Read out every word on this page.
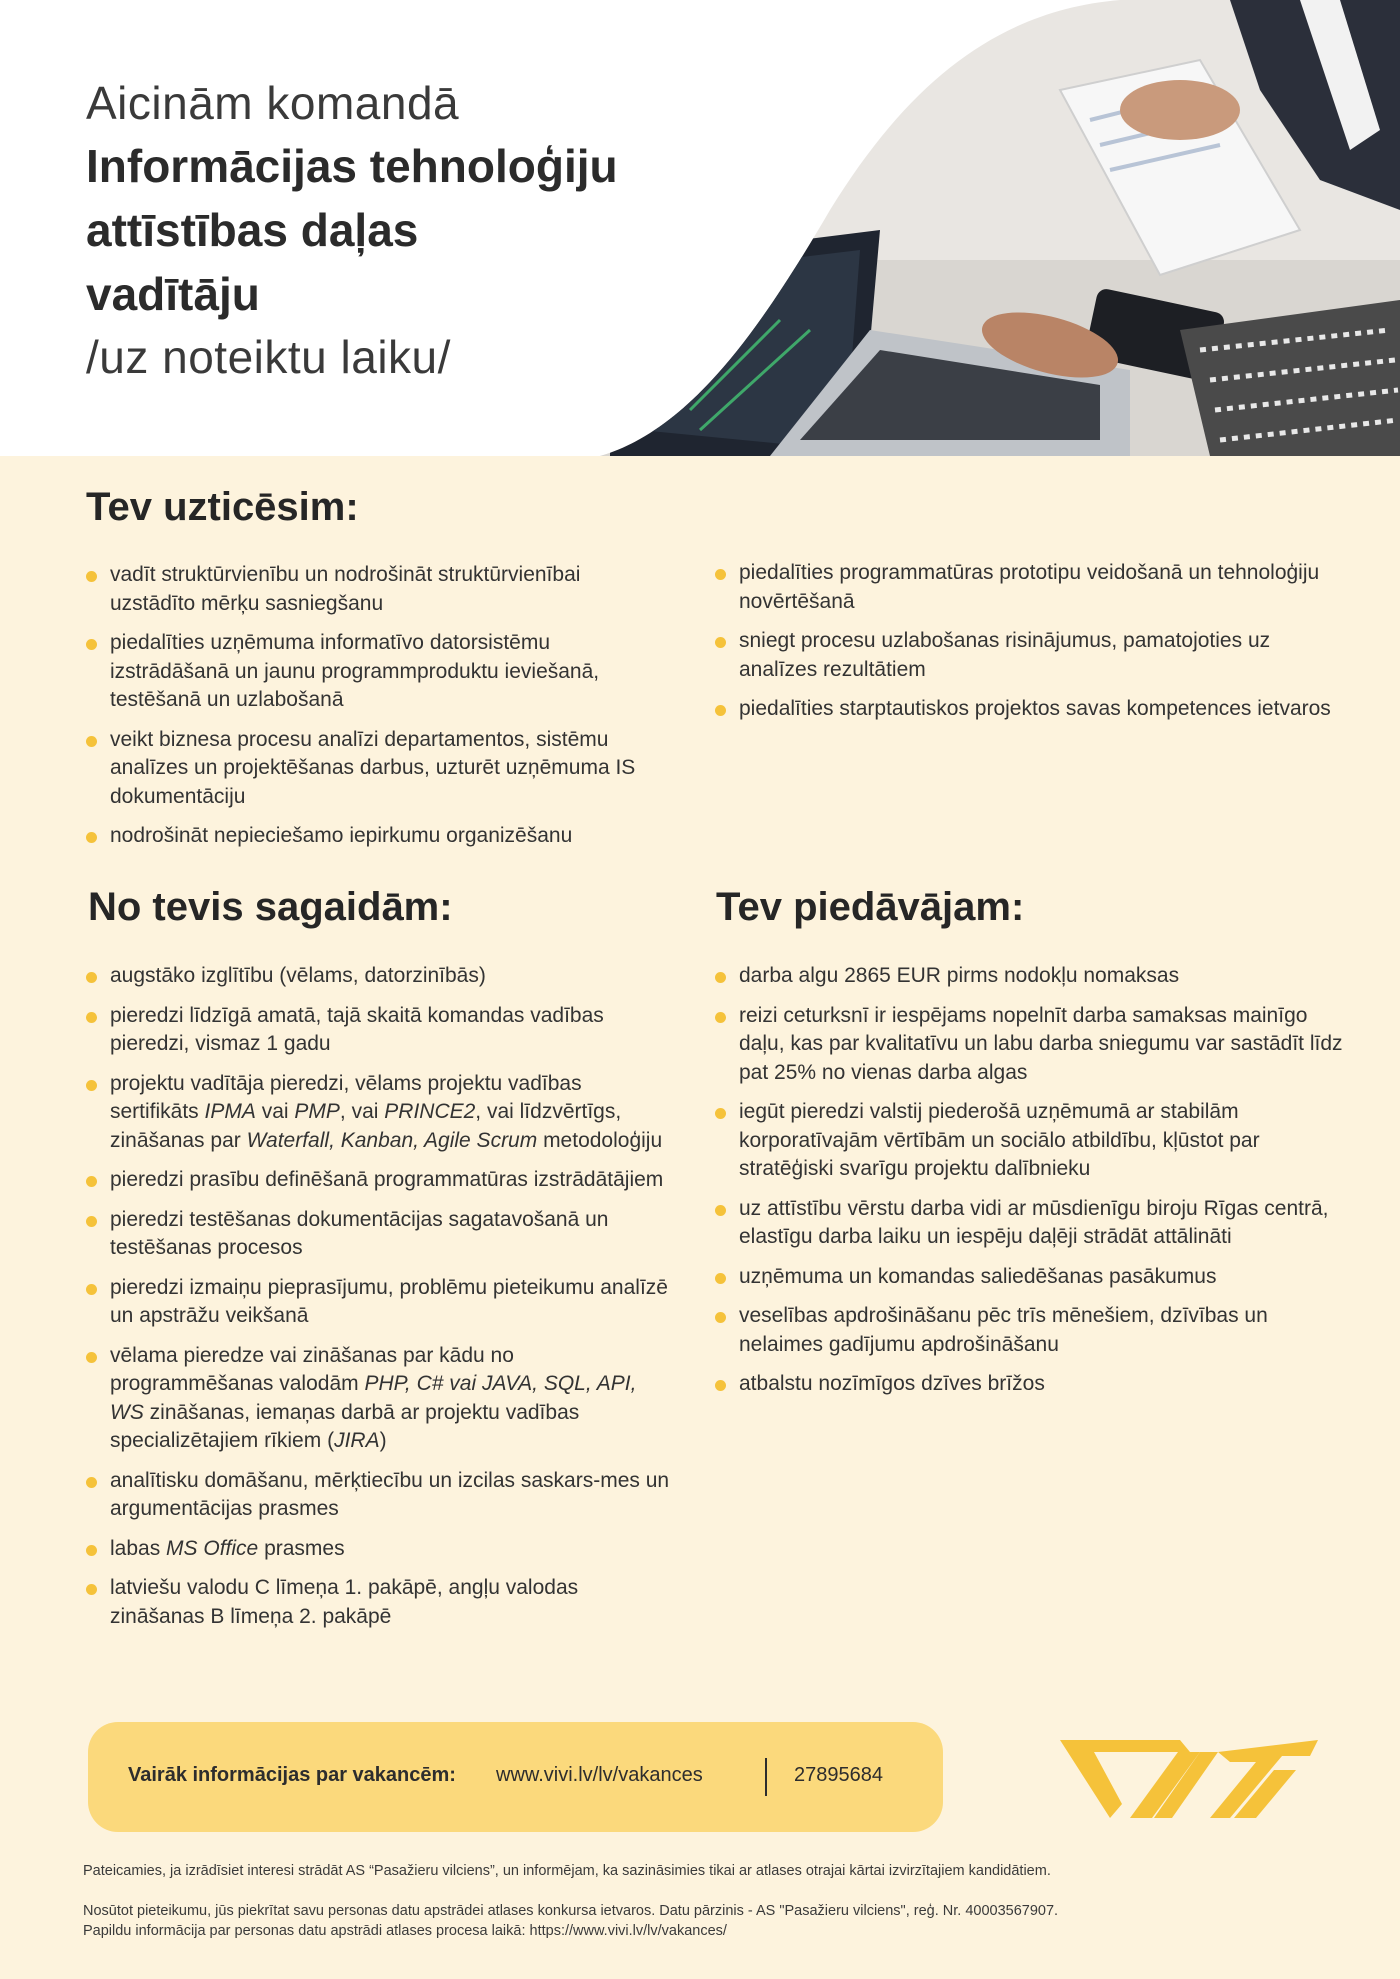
Aicinām komandā
Informācijas tehnoloģiju
attīstības daļas
vadītāju
/uz noteiktu laiku/
Tev uzticēsim:
vadīt struktūrvienību un nodrošināt struktūrvienībai uzstādīto mērķu sasniegšanu
piedalīties uzņēmuma informatīvo datorsistēmu izstrādāšanā un jaunu programmproduktu ieviešanā, testēšanā un uzlabošanā
veikt biznesa procesu analīzi departamentos, sistēmu analīzes un projektēšanas darbus, uzturēt uzņēmuma IS dokumentāciju
nodrošināt nepieciešamo iepirkumu organizēšanu
piedalīties programmatūras prototipu veidošanā un tehnoloģiju novērtēšanā
sniegt procesu uzlabošanas risinājumus, pamatojoties uz analīzes rezultātiem
piedalīties starptautiskos projektos savas kompetences ietvaros
No tevis sagaidām:
augstāko izglītību (vēlams, datorzinībās)
pieredzi līdzīgā amatā, tajā skaitā komandas vadības pieredzi, vismaz 1 gadu
projektu vadītāja pieredzi, vēlams projektu vadības sertifikāts IPMA vai PMP, vai PRINCE2, vai līdzvērtīgs, zināšanas par Waterfall, Kanban, Agile Scrum metodoloģiju
pieredzi prasību definēšanā programmatūras izstrādātājiem
pieredzi testēšanas dokumentācijas sagatavošanā un testēšanas procesos
pieredzi izmaiņu pieprasījumu, problēmu pieteikumu analīzē un apstrāžu veikšanā
vēlama pieredze vai zināšanas par kādu no programmēšanas valodām PHP, C# vai JAVA, SQL, API, WS zināšanas, iemaņas darbā ar projektu vadības specializētajiem rīkiem (JIRA)
analītisku domāšanu, mērķtiecību un izcilas saskars-mes un argumentācijas prasmes
labas MS Office prasmes
latviešu valodu C līmeņa 1. pakāpē, angļu valodas zināšanas B līmeņa 2. pakāpē
Tev piedāvājam:
darba algu 2865 EUR pirms nodokļu nomaksas
reizi ceturksnī ir iespējams nopelnīt darba samaksas mainīgo daļu, kas par kvalitatīvu un labu darba sniegumu var sastādīt līdz pat 25% no vienas darba algas
iegūt pieredzi valstij piederošā uzņēmumā ar stabilām korporatīvajām vērtībām un sociālo atbildību, kļūstot par stratēģiski svarīgu projektu dalībnieku
uz attīstību vērstu darba vidi ar mūsdienīgu biroju Rīgas centrā, elastīgu darba laiku un iespēju daļēji strādāt attālināti
uzņēmuma un komandas saliedēšanas pasākumus
veselības apdrošināšanu pēc trīs mēnešiem, dzīvības un nelaimes gadījumu apdrošināšanu
atbalstu nozīmīgos dzīves brīžos
Vairāk informācijas par vakancēm: www.vivi.lv/lv/vakances	27895684
Pateicamies, ja izrādīsiet interesi strādāt AS “Pasažieru vilciens”, un informējam, ka sazināsimies tikai ar atlases otrajai kārtai izvirzītajiem kandidātiem.
Nosūtot pieteikumu, jūs piekrītat savu personas datu apstrādei atlases konkursa ietvaros. Datu pārzinis - AS "Pasažieru vilciens", reģ. Nr. 40003567907.
Papildu informācija par personas datu apstrādi atlases procesa laikā: https://www.vivi.lv/lv/vakances/
